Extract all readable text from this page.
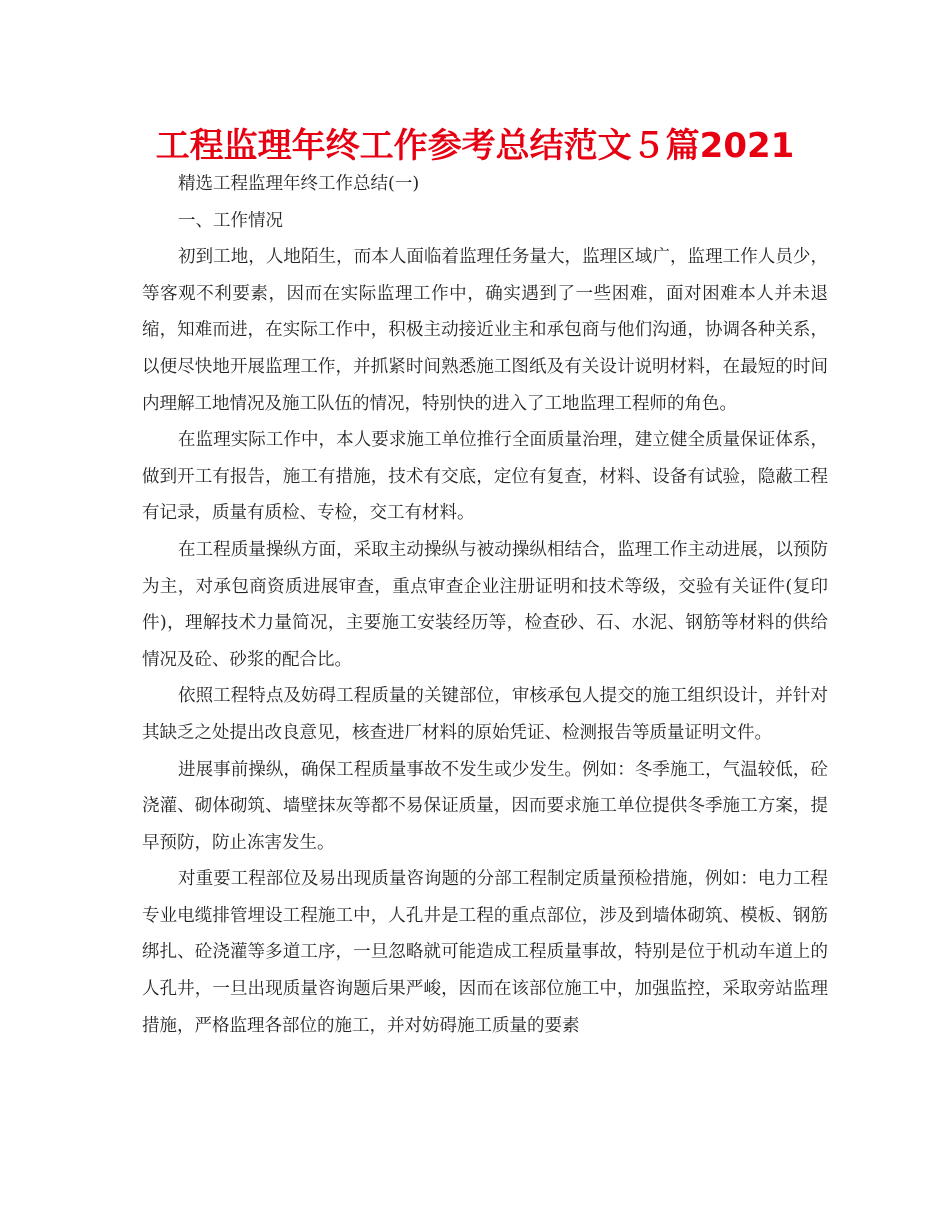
工程监理年终工作参考总结范文５篇2021

精选工程监理年终工作总结(一)

一、工作情况

初到工地，人地陌生，而本人面临着监理任务量大，监理区域广，监理工作人员少，等客观不利要素，因而在实际监理工作中，确实遇到了一些困难，面对困难本人并未退缩，知难而进，在实际工作中，积极主动接近业主和承包商与他们沟通，协调各种关系，以便尽快地开展监理工作，并抓紧时间熟悉施工图纸及有关设计说明材料，在最短的时间内理解工地情况及施工队伍的情况，特别快的进入了工地监理工程师的角色。

在监理实际工作中，本人要求施工单位推行全面质量治理，建立健全质量保证体系，做到开工有报告，施工有措施，技术有交底，定位有复查，材料、设备有试验，隐蔽工程有记录，质量有质检、专检，交工有材料。

在工程质量操纵方面，采取主动操纵与被动操纵相结合，监理工作主动进展，以预防为主，对承包商资质进展审查，重点审查企业注册证明和技术等级，交验有关证件(复印件)，理解技术力量简况，主要施工安装经历等，检查砂、石、水泥、钢筋等材料的供给情况及砼、砂浆的配合比。

依照工程特点及妨碍工程质量的关键部位，审核承包人提交的施工组织设计，并针对其缺乏之处提出改良意见，核查进厂材料的原始凭证、检测报告等质量证明文件。

进展事前操纵，确保工程质量事故不发生或少发生。例如：冬季施工，气温较低，砼浇灌、砌体砌筑、墙壁抹灰等都不易保证质量，因而要求施工单位提供冬季施工方案，提早预防，防止冻害发生。

对重要工程部位及易出现质量咨询题的分部工程制定质量预检措施，例如：电力工程专业电缆排管埋设工程施工中，人孔井是工程的重点部位，涉及到墙体砌筑、模板、钢筋绑扎、砼浇灌等多道工序，一旦忽略就可能造成工程质量事故，特别是位于机动车道上的人孔井，一旦出现质量咨询题后果严峻，因而在该部位施工中，加强监控，采取旁站监理措施，严格监理各部位的施工，并对妨碍施工质量的要素
